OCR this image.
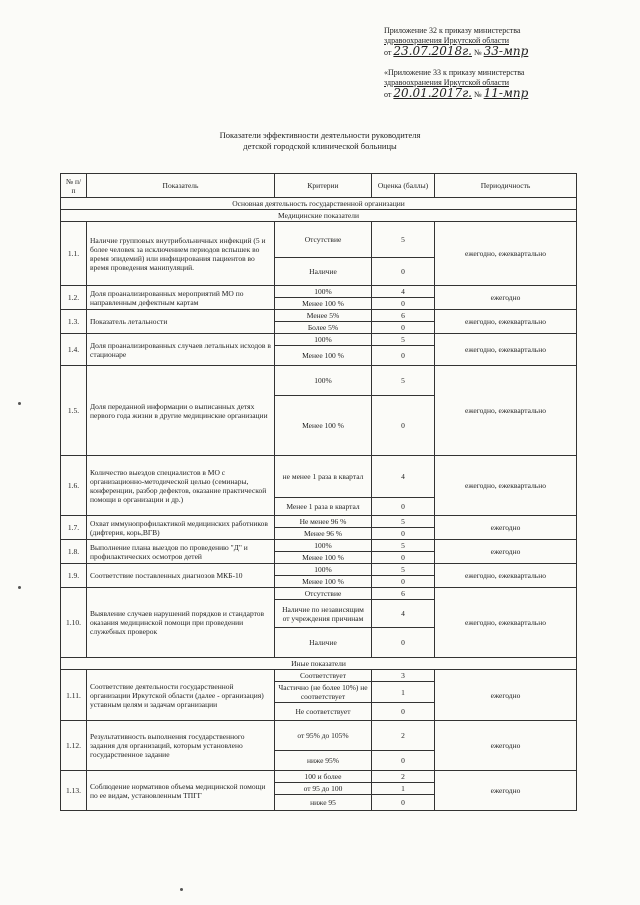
Приложение 32 к приказу министерства
здравоохранения Иркутской области
от 23.07.2018г. № 33-мпр
«Приложение 33 к приказу министерства
здравоохранения Иркутской области
от 20.01.2017г. № 11-мпр
Показатели эффективности деятельности руководителя
детской городской клинической больницы
№ п/п	Показатель	Критерии	Оценка (баллы)	Периодичность
Основная деятельность государственной организации				
Медицинские показатели				
1.1.	Наличие групповых внутрибольничных инфекций (5 и более человек за исключением периодов вспышек во время эпидемий) или инфицирования пациентов во время проведения манипуляций.	Отсутствие	5	ежегодно, ежеквартально
		Наличие	0	
1.2.	Доля проанализированных мероприятий МО по направленным дефектным картам	100%	4	ежегодно
		Менее 100 %	0	
1.3.	Показатель летальности	Менее 5%	6	ежегодно, ежеквартально
		Более 5%	0	
1.4.	Доля проанализированных случаев летальных исходов в стационаре	100%	5	ежегодно, ежеквартально
		Менее 100 %	0	
1.5.	Доля переданной информации о выписанных детях первого года жизни в другие медицинские организации	100%	5	ежегодно, ежеквартально
		Менее 100 %	0	
1.6.	Количество выездов специалистов в МО с организационно-методической целью (семинары, конференции, разбор дефектов, оказание практической помощи в организации и др.)	не менее 1 раза в квартал	4	ежегодно, ежеквартально
		Менее 1 раза в квартал	0	
1.7.	Охват иммунопрофилактикой медицинских работников (дифтерия, корь,ВГВ)	Не менее 96 %	5	ежегодно
		Менее 96 %	0	
1.8.	Выполнение плана выездов по проведению "Д" и профилактических осмотров детей	100%	5	ежегодно
		Менее 100 %	0	
1.9.	Соответствие поставленных диагнозов МКБ-10	100%	5	ежегодно, ежеквартально
		Менее 100 %	0	
1.10.	Выявление случаев нарушений порядков и стандартов оказания медицинской помощи при проведении служебных проверок	Отсутствие	6	ежегодно, ежеквартально
		Наличие по независящим от учреждения причинам	4	
		Наличие	0	
Иные показатели				
1.11.	Соответствие деятельности государственной организации Иркутской области (далее - организация) уставным целям и задачам организации	Соответствует	3	ежегодно
		Частично (не более 10%) не соответствует	1	
		Не соответствует	0	
1.12.	Результативность выполнения государственного задания для организаций, которым установлено государственное задание	от 95% до 105%	2	ежегодно
		ниже 95%	0	
1.13.	Соблюдение нормативов объема медицинской помощи по ее видам, установленным ТПГГ	100 и более	2	ежегодно
		от 95 до 100	1	
		ниже 95	0	
